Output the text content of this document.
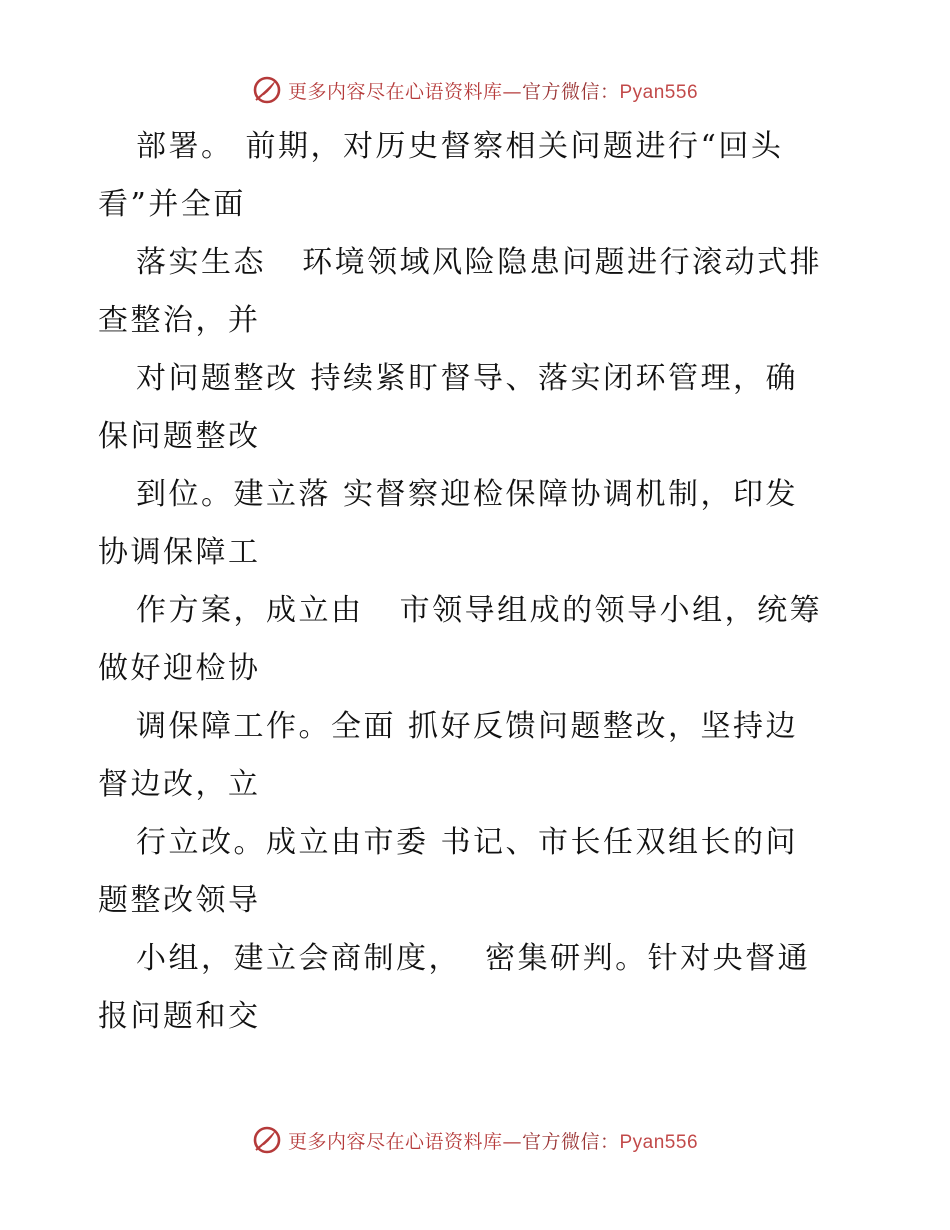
更多内容尽在心语资料库—官方微信：Pyan556
部署。 前期，对历史督察相关问题进行“回头
看”并全面
落实生态   环境领域风险隐患问题进行滚动式排
查整治，并
对问题整改 持续紧盯督导、落实闭环管理，确
保问题整改
到位。建立落 实督察迎检保障协调机制，印发
协调保障工
作方案，成立由   市领导组成的领导小组，统筹
做好迎检协
调保障工作。全面 抓好反馈问题整改，坚持边
督边改，立
行立改。成立由市委 书记、市长任双组长的问
题整改领导
小组，建立会商制度，  密集研判。针对央督通
报问题和交
更多内容尽在心语资料库—官方微信：Pyan556
